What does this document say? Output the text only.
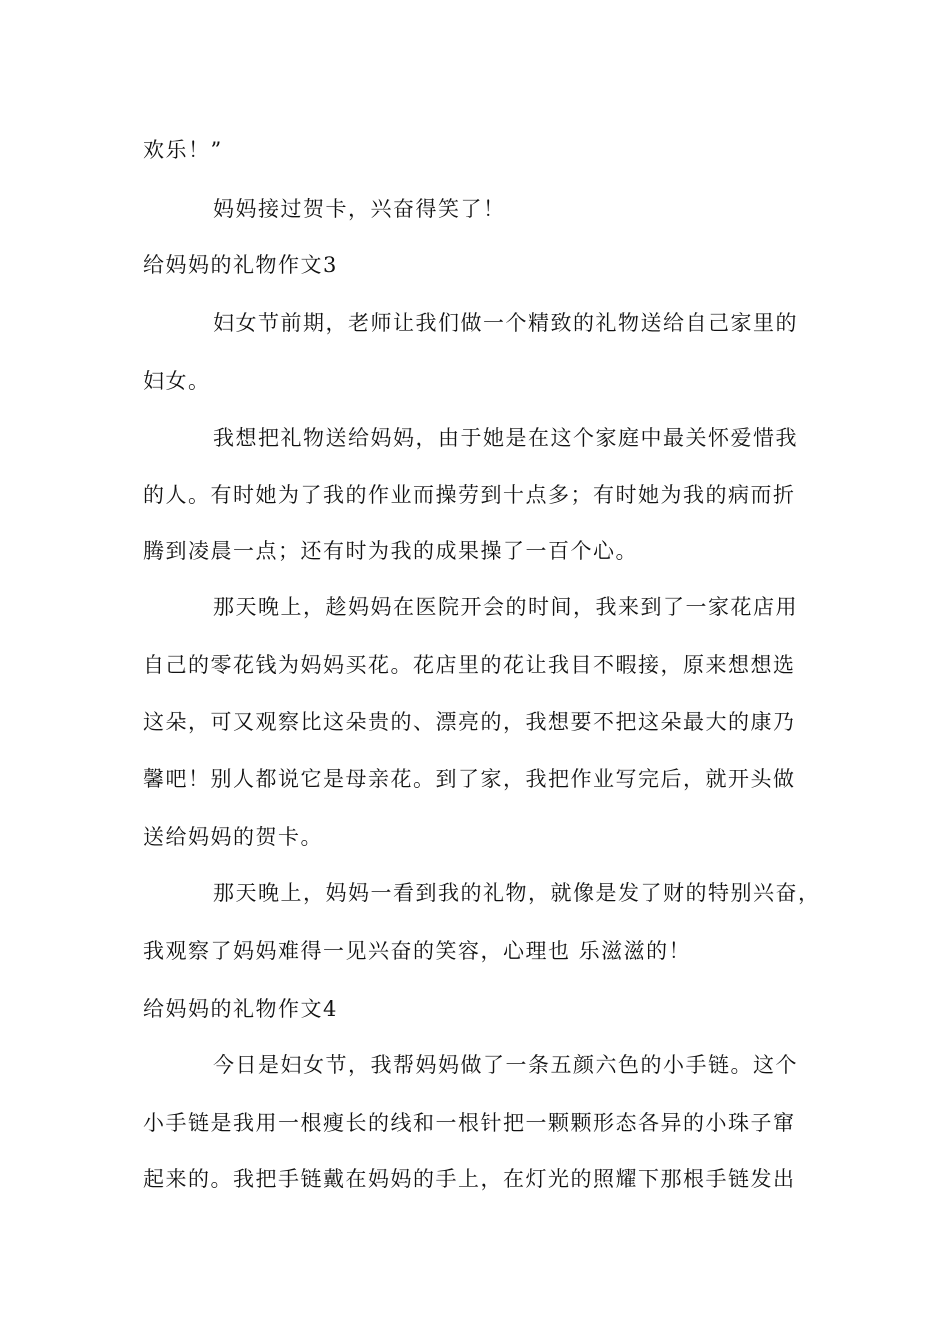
欢乐！”
妈妈接过贺卡，兴奋得笑了！
给妈妈的礼物作文3
妇女节前期，老师让我们做一个精致的礼物送给自己家里的
妇女。
我想把礼物送给妈妈，由于她是在这个家庭中最关怀爱惜我
的人。有时她为了我的作业而操劳到十点多；有时她为我的病而折
腾到凌晨一点；还有时为我的成果操了一百个心。
那天晚上，趁妈妈在医院开会的时间，我来到了一家花店用
自己的零花钱为妈妈买花。花店里的花让我目不暇接，原来想想选
这朵，可又观察比这朵贵的、漂亮的，我想要不把这朵最大的康乃
馨吧！别人都说它是母亲花。到了家，我把作业写完后，就开头做
送给妈妈的贺卡。
那天晚上，妈妈一看到我的礼物，就像是发了财的特别兴奋，
我观察了妈妈难得一见兴奋的笑容，心理也 乐滋滋的！
给妈妈的礼物作文4
今日是妇女节，我帮妈妈做了一条五颜六色的小手链。这个
小手链是我用一根瘦长的线和一根针把一颗颗形态各异的小珠子窜
起来的。我把手链戴在妈妈的手上，在灯光的照耀下那根手链发出
